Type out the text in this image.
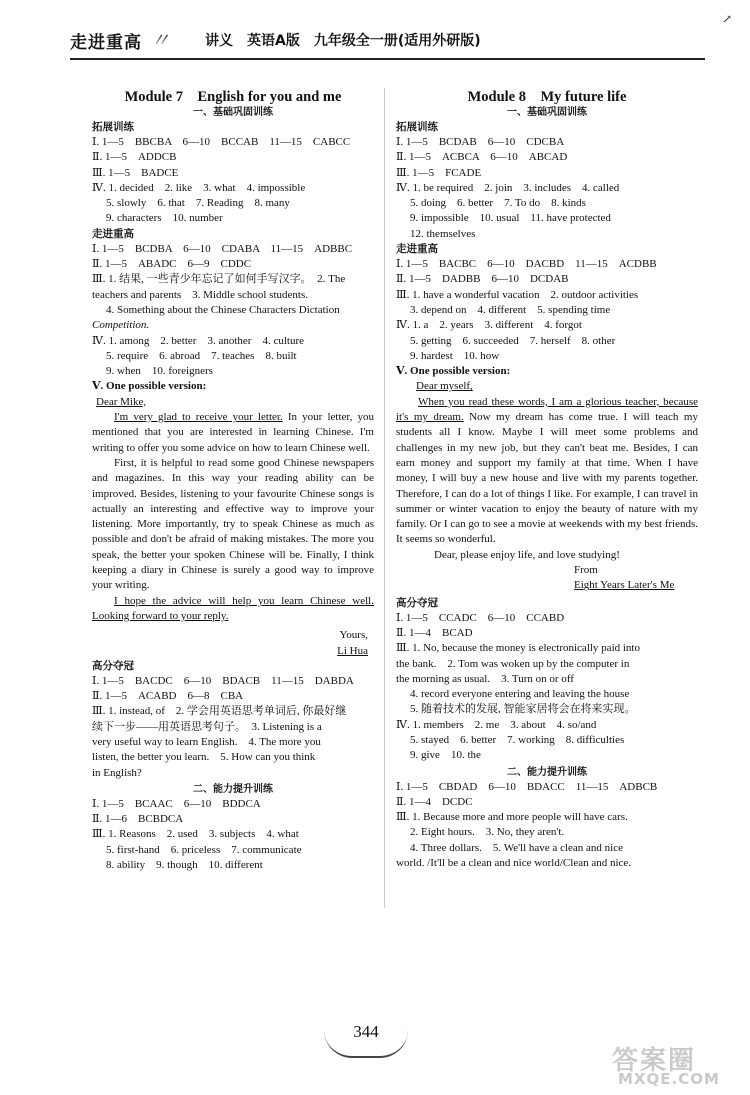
走进重高 〃	讲义　英语A版　九年级全一册(适用外研版)
↗
Module 7　English for you and me
一、基础巩固训练
拓展训练
Ⅰ. 1—5　BBCBA　6—10　BCCAB　11—15　CABCC
Ⅱ. 1—5　ADDCB
Ⅲ. 1—5　BADCE
Ⅳ. 1. decided　2. like　3. what　4. impossible
5. slowly　6. that　7. Reading　8. many
9. characters　10. number
走进重高
Ⅰ. 1—5　BCDBA　6—10　CDABA　11—15　ADBBC
Ⅱ. 1—5　ABADC　6—9　CDDC
Ⅲ. 1. 结果, 一些青少年忘记了如何手写汉字。　2. The
teachers and parents　3. Middle school students.
4. Something about the Chinese Characters Dictation
Competition.
Ⅳ. 1. among　2. better　3. another　4. culture
5. require　6. abroad　7. teaches　8. built
9. when　10. foreigners
Ⅴ. One possible version:
Dear Mike,

I'm very glad to receive your letter. In your letter, you mentioned that you are interested in learning Chinese. I'm writing to offer you some advice on how to learn Chinese well.

First, it is helpful to read some good Chinese newspapers and magazines. In this way your reading ability can be improved. Besides, listening to your favourite Chinese songs is actually an interesting and effective way to improve your listening. More importantly, try to speak Chinese as much as possible and don't be afraid of making mistakes. The more you speak, the better your spoken Chinese will be. Finally, I think keeping a diary in Chinese is surely a good way to improve your writing.

I hope the advice will help you learn Chinese well. Looking forward to your reply.

Yours,
Li Hua
高分夺冠
Ⅰ. 1—5　BACDC　6—10　BDACB　11—15　DABDA
Ⅱ. 1—5　ACABD　6—8　CBA
Ⅲ. 1. instead, of　2. 学会用英语思考单词后, 你最好继
续下一步——用英语思考句子。　3. Listening is a
very useful way to learn English.　4. The more you
listen, the better you learn.　5. How can you think
in English?
二、能力提升训练
Ⅰ. 1—5　BCAAC　6—10　BDDCA
Ⅱ. 1—6　BCBDCA
Ⅲ. 1. Reasons　2. used　3. subjects　4. what
5. first-hand　6. priceless　7. communicate
8. ability　9. though　10. different
Module 8　My future life
一、基础巩固训练
拓展训练
Ⅰ. 1—5　BCDAB　6—10　CDCBA
Ⅱ. 1—5　ACBCA　6—10　ABCAD
Ⅲ. 1—5　FCADE
Ⅳ. 1. be required　2. join　3. includes　4. called
5. doing　6. better　7. To do　8. kinds
9. impossible　10. usual　11. have protected
12. themselves
走进重高
Ⅰ. 1—5　BACBC　6—10　DACBD　11—15　ACDBB
Ⅱ. 1—5　DADBB　6—10　DCDAB
Ⅲ. 1. have a wonderful vacation　2. outdoor activities
3. depend on　4. different　5. spending time
Ⅳ. 1. a　2. years　3. different　4. forgot
5. getting　6. succeeded　7. herself　8. other
9. hardest　10. how
Ⅴ. One possible version:
Dear myself,

When you read these words, I am a glorious teacher, because it's my dream. Now my dream has come true. I will teach my students all I know. Maybe I will meet some problems and challenges in my new job, but they can't beat me. Besides, I can earn money and support my family at that time. When I have money, I will buy a new house and live with my parents together. Therefore, I can do a lot of things I like. For example, I can travel in summer or winter vacation to enjoy the beauty of nature with my family. Or I can go to see a movie at weekends with my best friends. It seems so wonderful.

Dear, please enjoy life, and love studying!

From
Eight Years Later's Me
高分夺冠
Ⅰ. 1—5　CCADC　6—10　CCABD
Ⅱ. 1—4　BCAD
Ⅲ. 1. No, because the money is electronically paid into
the bank.　2. Tom was woken up by the computer in
the morning as usual.　3. Turn on or off
4. record everyone entering and leaving the house
5. 随着技术的发展, 智能家居将会在将来实现。
Ⅳ. 1. members　2. me　3. about　4. so/and
5. stayed　6. better　7. working　8. difficulties
9. give　10. the
二、能力提升训练
Ⅰ. 1—5　CBDAD　6—10　BDACC　11—15　ADBCB
Ⅱ. 1—4　DCDC
Ⅲ. 1. Because more and more people will have cars.
2. Eight hours.　3. No, they aren't.
4. Three dollars.　5. We'll have a clean and nice
world. /It'll be a clean and nice world/Clean and nice.
344
答案圈
MXQE.COM
